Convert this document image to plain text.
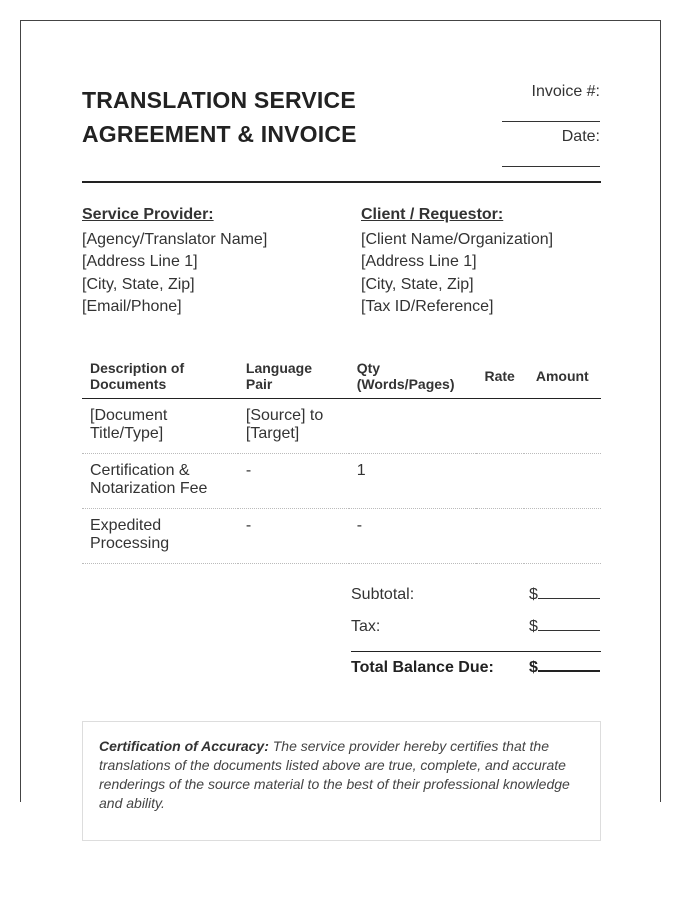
TRANSLATION SERVICE
AGREEMENT & INVOICE
Invoice #:
Date:
Service Provider:
[Agency/Translator Name]
[Address Line 1]
[City, State, Zip]
[Email/Phone]
Client / Requestor:
[Client Name/Organization]
[Address Line 1]
[City, State, Zip]
[Tax ID/Reference]
Description of Documents	Language Pair	Qty (Words/Pages)	Rate	Amount
[Document Title/Type]	[Source] to [Target]			
Certification & Notarization Fee	-	1		
Expedited Processing	-	-		
Subtotal:	$
Tax:	$
Total Balance Due: $
Certification of Accuracy: The service provider hereby certifies that the translations of the documents listed above are true, complete, and accurate renderings of the source material to the best of their professional knowledge and ability.
